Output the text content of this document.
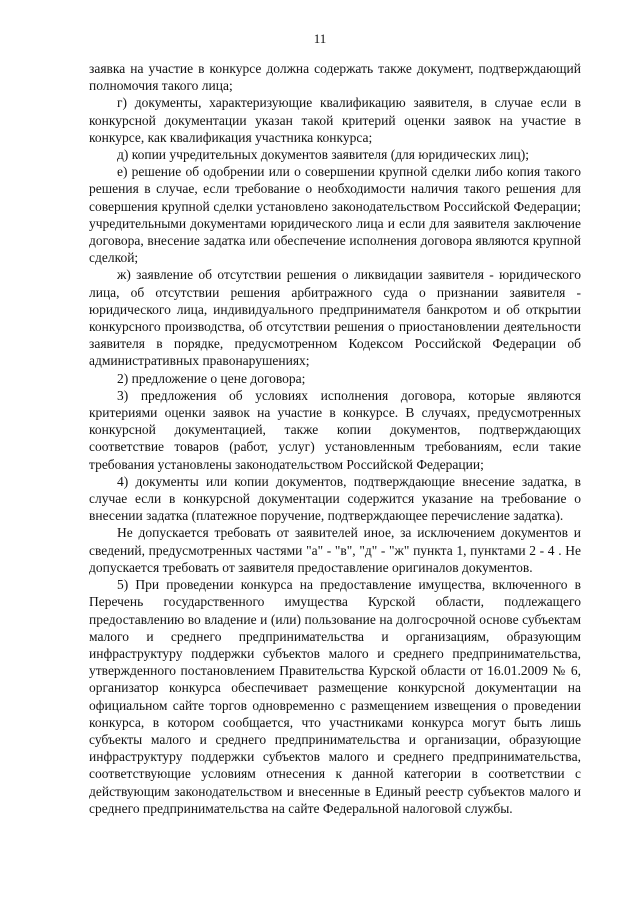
11

заявка на участие в конкурсе должна содержать также документ, подтверждающий полномочия такого лица;

г) документы, характеризующие квалификацию заявителя, в случае если в конкурсной документации указан такой критерий оценки заявок на участие в конкурсе, как квалификация участника конкурса;

д) копии учредительных документов заявителя (для юридических лиц);

е) решение об одобрении или о совершении крупной сделки либо копия такого решения в случае, если требование о необходимости наличия такого решения для совершения крупной сделки установлено законодательством Российской Федерации; учредительными документами юридического лица и если для заявителя заключение договора, внесение задатка или обеспечение исполнения договора являются крупной сделкой;

ж) заявление об отсутствии решения о ликвидации заявителя - юридического лица, об отсутствии решения арбитражного суда о признании заявителя - юридического лица, индивидуального предпринимателя банкротом и об открытии конкурсного производства, об отсутствии решения о приостановлении деятельности заявителя в порядке, предусмотренном Кодексом Российской Федерации об административных правонарушениях;

2) предложение о цене договора;

3) предложения об условиях исполнения договора, которые являются критериями оценки заявок на участие в конкурсе. В случаях, предусмотренных конкурсной документацией, также копии документов, подтверждающих соответствие товаров (работ, услуг) установленным требованиям, если такие требования установлены законодательством Российской Федерации;

4) документы или копии документов, подтверждающие внесение задатка, в случае если в конкурсной документации содержится указание на требование о внесении задатка (платежное поручение, подтверждающее перечисление задатка).

Не допускается требовать от заявителей иное, за исключением документов и сведений, предусмотренных частями "а" - "в", "д" - "ж" пункта 1, пунктами 2 - 4 . Не допускается требовать от заявителя предоставление оригиналов документов.

5) При проведении конкурса на предоставление имущества, включенного в Перечень государственного имущества Курской области, подлежащего предоставлению во владение и (или) пользование на долгосрочной основе субъектам малого и среднего предпринимательства и организациям, образующим инфраструктуру поддержки субъектов малого и среднего предпринимательства, утвержденного постановлением Правительства Курской области от 16.01.2009 № 6, организатор конкурса обеспечивает размещение конкурсной документации на официальном сайте торгов одновременно с размещением извещения о проведении конкурса, в котором сообщается, что участниками конкурса могут быть лишь субъекты малого и среднего предпринимательства и организации, образующие инфраструктуру поддержки субъектов малого и среднего предпринимательства, соответствующие условиям отнесения к данной категории в соответствии с действующим законодательством и внесенные в Единый реестр субъектов малого и среднего предпринимательства на сайте Федеральной налоговой службы.
